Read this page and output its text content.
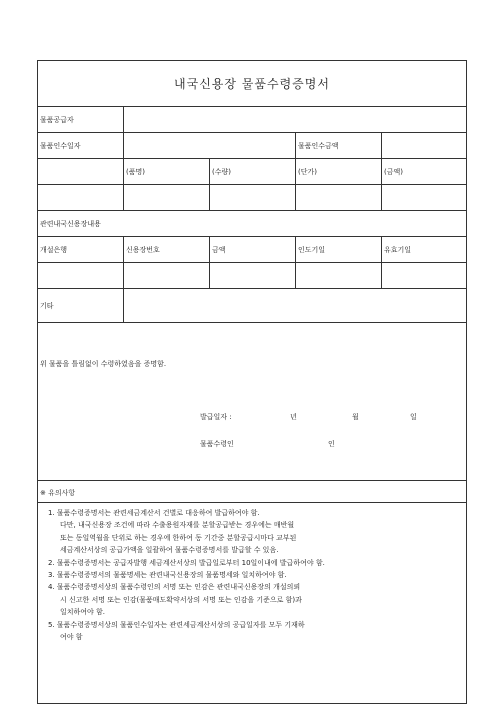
내국신용장 물품수령증명서
물품공급자
물품인수일자	물품인수금액
(품명)	(수량)	(단가)	(금액)
관련내국신용장내용
개설은행	신용장번호	금액	인도기일	유효기일
기타
위 물품을 틀림없이 수령하였음을 증명함.
발급일자 :	년	월	일
물품수령인	인
※ 유의사항
1. 물품수령증명서는 관련세금계산서 건별로 대응하여 발급하여야 함.
다만, 내국신용장 조건에 따라 수출용원자재를 분할공급받는 경우에는 매반월
또는 동일역월을 단위로 하는 경우에 한하여 동 기간중 분할공급시마다 교부된
세금계산서상의 공급가액을 일괄하여 물품수령증명서를 발급할 수 있음.
2. 물품수령증명서는 공급자발행 세금계산서상의 발급일로부터 10일이내에 발급하여야 함.
3. 물품수령증명서의 물품명세는 관련내국신용장의 물품명세와 일치하여야 함.
4. 물품수령증명서상의 물품수령인의 서명 또는 인감은 관련내국신용장의 개설의뢰
시 신고한 서명 또는 인감(물품매도확약서상의 서명 또는 인감을 기준으로 함)과
일치하여야 함.
5. 물품수령증명서상의 물품인수일자는 관련세금계산서상의 공급일자를 모두 기재하
여야 함
